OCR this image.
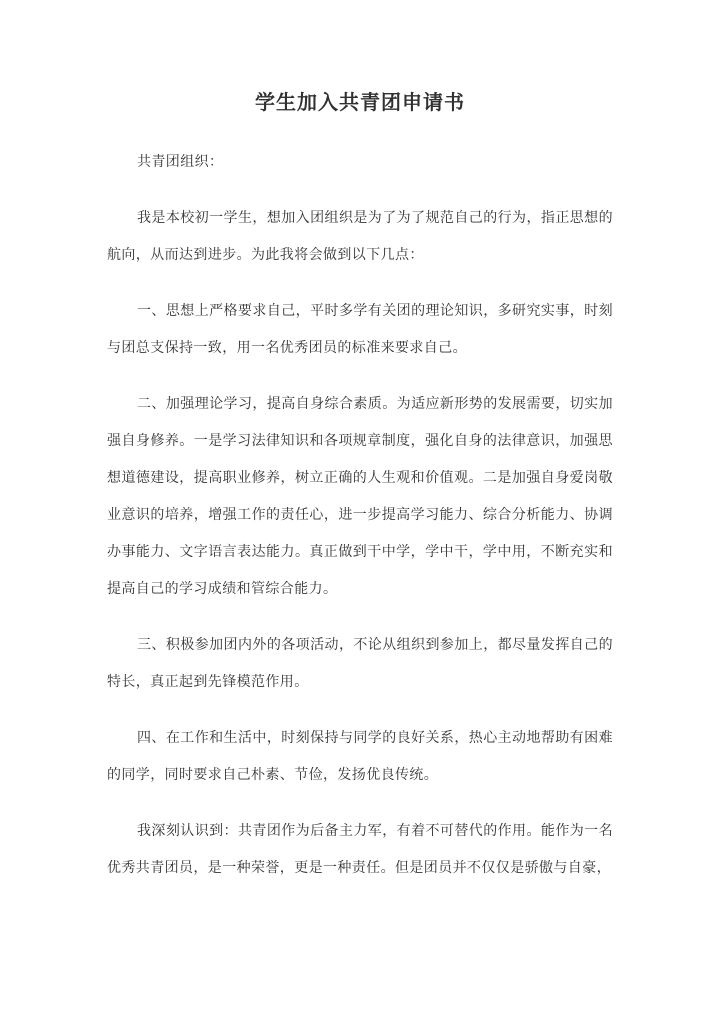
学生加入共青团申请书

共青团组织：

我是本校初一学生，想加入团组织是为了为了规范自己的行为，指正思想的航向，从而达到进步。为此我将会做到以下几点：

一、思想上严格要求自己，平时多学有关团的理论知识，多研究实事，时刻与团总支保持一致，用一名优秀团员的标准来要求自己。

二、加强理论学习，提高自身综合素质。为适应新形势的发展需要，切实加强自身修养。一是学习法律知识和各项规章制度，强化自身的法律意识，加强思想道德建设，提高职业修养，树立正确的人生观和价值观。二是加强自身爱岗敬业意识的培养，增强工作的责任心，进一步提高学习能力、综合分析能力、协调办事能力、文字语言表达能力。真正做到干中学，学中干，学中用，不断充实和提高自己的学习成绩和管综合能力。

三、积极参加团内外的各项活动，不论从组织到参加上，都尽量发挥自己的特长，真正起到先锋模范作用。

四、在工作和生活中，时刻保持与同学的良好关系，热心主动地帮助有困难的同学，同时要求自己朴素、节俭，发扬优良传统。

我深刻认识到：共青团作为后备主力军，有着不可替代的作用。能作为一名优秀共青团员，是一种荣誉，更是一种责任。但是团员并不仅仅是骄傲与自豪，
